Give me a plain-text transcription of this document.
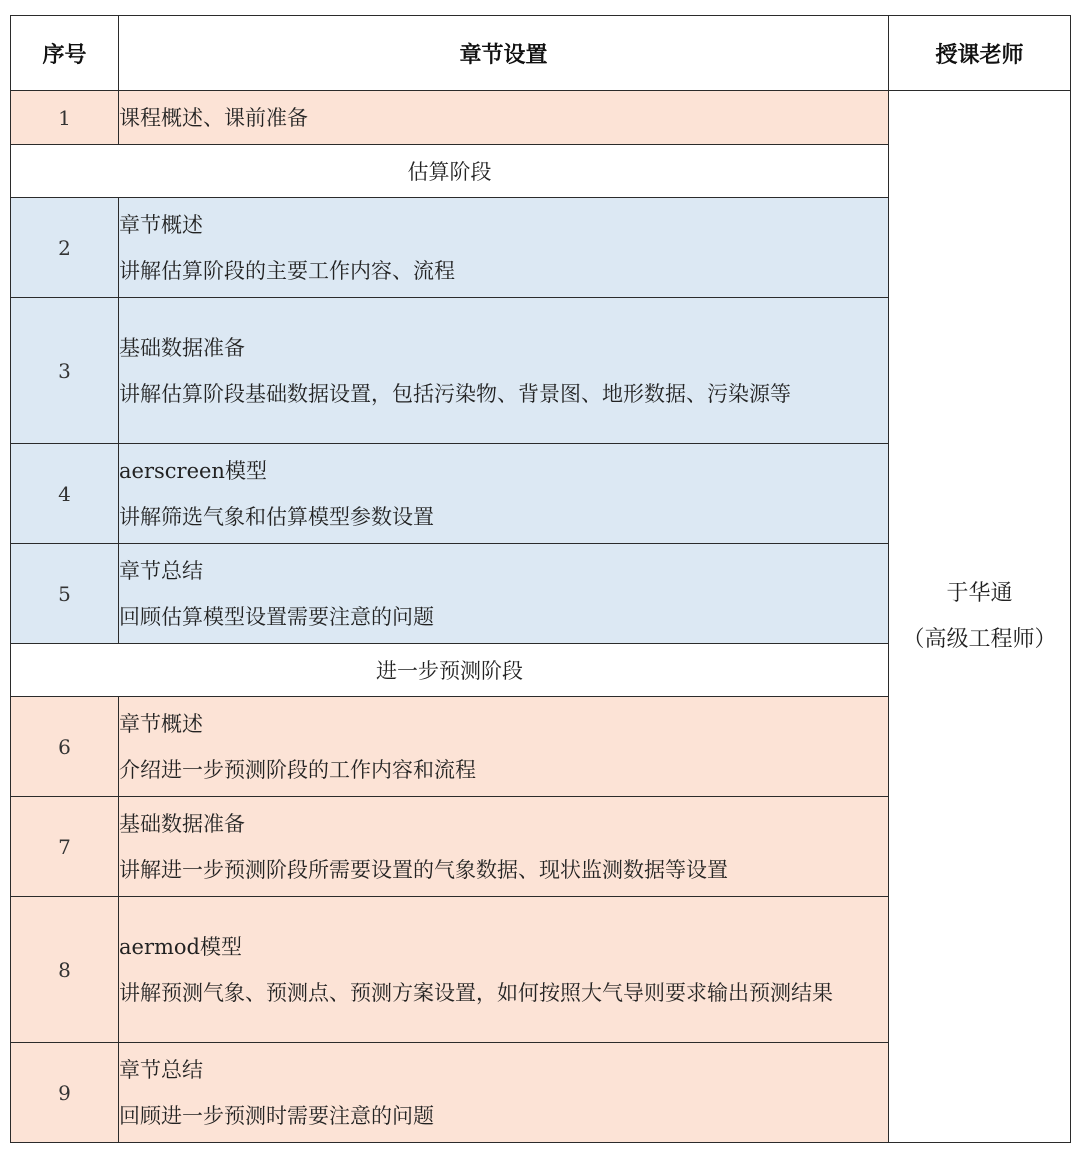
序号	章节设置	授课老师
1	课程概述、课前准备	于华通
（高级工程师）

估算阶段		
2	章节概述
讲解估算阶段的主要工作内容、流程	

3	基础数据准备
讲解估算阶段基础数据设置，包括污染物、背景图、地形数据、污染源等	

4	aerscreen模型
讲解筛选气象和估算模型参数设置	

5	章节总结
回顾估算模型设置需要注意的问题	

进一步预测阶段		
6	章节概述
介绍进一步预测阶段的工作内容和流程	

7	基础数据准备
讲解进一步预测阶段所需要设置的气象数据、现状监测数据等设置	

8	aermod模型
讲解预测气象、预测点、预测方案设置，如何按照大气导则要求输出预测结果	

9	章节总结
回顾进一步预测时需要注意的问题	
